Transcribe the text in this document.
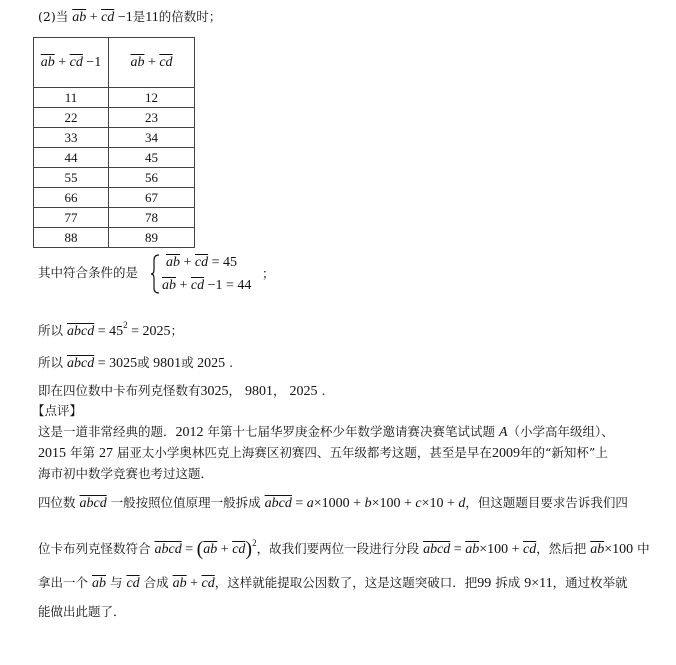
(2)当 $\overline{ab} + \overline{cd} -1$是11的倍数时；
$\overline{ab} + \overline{cd} -1$	$\overline{ab} + \overline{cd}$
11	12
22	23
33	34
44	45
55	56
66	67
77	78
88	89
其中符合条件的是
$\overline{ab} + \overline{cd} = 45$
$\overline{ab} + \overline{cd} -1 = 44$
；
所以 abcd = $45^2 = 2025$；
所以 abcd = 3025或 9801或 2025 .
即在四位数中卡布列克怪数有3025， 9801， 2025 .
【点评】
这是一道非常经典的题．2012 年第十七届华罗庚金杯少年数学邀请赛决赛笔试试题 A（小学高年级组）、
2015 年第 27 届亚太小学奥林匹克上海赛区初赛四、五年级都考这题，甚至是早在2009年的“新知杯”上
海市初中数学竞赛也考过这题．
四位数 abcd 一般按照位值原理一般拆成 abcd = a×1000 + b×100 + c×10 + d，但这题题目要求告诉我们四
位卡布列克怪数符合 abcd = $(\overline{ab} + \overline{cd})^2$，故我们要两位一段进行分段 abcd = $\overline{ab}\times 100 + \overline{cd}$，然后把 $\overline{ab}\times 100$ 中
拿出一个 $\overline{ab}$ 与 $\overline{cd}$ 合成 $\overline{ab} + \overline{cd}$，这样就能提取公因数了，这是这题突破口．把99 拆成 9×11，通过枚举就
能做出此题了．
